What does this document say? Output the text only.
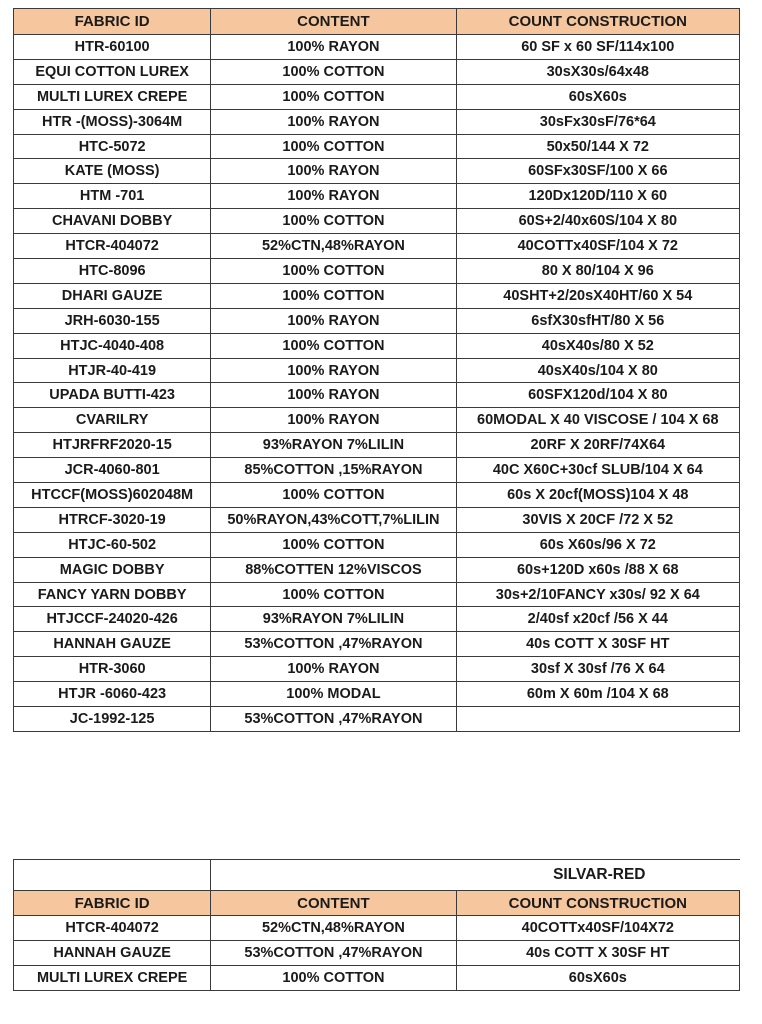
FABRIC ID	CONTENT	COUNT CONSTRUCTION
HTR-60100	100% RAYON	60 SF x 60 SF/114x100
EQUI COTTON LUREX	100% COTTON	30sX30s/64x48
MULTI LUREX CREPE	100% COTTON	60sX60s
HTR -(MOSS)-3064M	100% RAYON	30sFx30sF/76*64
HTC-5072	100% COTTON	50x50/144 X 72
KATE (MOSS)	100% RAYON	60SFx30SF/100 X 66
HTM -701	100% RAYON	120Dx120D/110 X 60
CHAVANI DOBBY	100% COTTON	60S+2/40x60S/104 X 80
HTCR-404072	52%CTN,48%RAYON	40COTTx40SF/104 X 72
HTC-8096	100% COTTON	80 X 80/104 X 96
DHARI GAUZE	100% COTTON	40SHT+2/20sX40HT/60 X 54
JRH-6030-155	100% RAYON	6sfX30sfHT/80 X 56
HTJC-4040-408	100% COTTON	40sX40s/80 X 52
HTJR-40-419	100% RAYON	40sX40s/104 X 80
UPADA BUTTI-423	100% RAYON	60SFX120d/104 X 80
CVARILRY	100% RAYON	60MODAL X 40 VISCOSE / 104 X 68
HTJRFRF2020-15	93%RAYON 7%LILIN	20RF X 20RF/74X64
JCR-4060-801	85%COTTON ,15%RAYON	40C X60C+30cf SLUB/104 X 64
HTCCF(MOSS)602048M	100% COTTON	60s X 20cf(MOSS)104 X 48
HTRCF-3020-19	50%RAYON,43%COTT,7%LILIN	30VIS X 20CF /72 X 52
HTJC-60-502	100% COTTON	60s X60s/96 X 72
MAGIC DOBBY	88%COTTEN 12%VISCOS	60s+120D x60s /88 X 68
FANCY YARN DOBBY	100% COTTON	30s+2/10FANCY x30s/ 92 X 64
HTJCCF-24020-426	93%RAYON 7%LILIN	2/40sf x20cf /56 X 44
HANNAH GAUZE	53%COTTON ,47%RAYON	40s COTT X 30SF HT
HTR-3060	100% RAYON	30sf X 30sf /76 X 64
HTJR -6060-423	100% MODAL	60m X 60m /104 X 68
JC-1992-125	53%COTTON ,47%RAYON	
	SILVAR-RED	
FABRIC ID	CONTENT	COUNT CONSTRUCTION
HTCR-404072	52%CTN,48%RAYON	40COTTx40SF/104X72
HANNAH GAUZE	53%COTTON ,47%RAYON	40s COTT X 30SF HT
MULTI LUREX CREPE	100% COTTON	60sX60s
